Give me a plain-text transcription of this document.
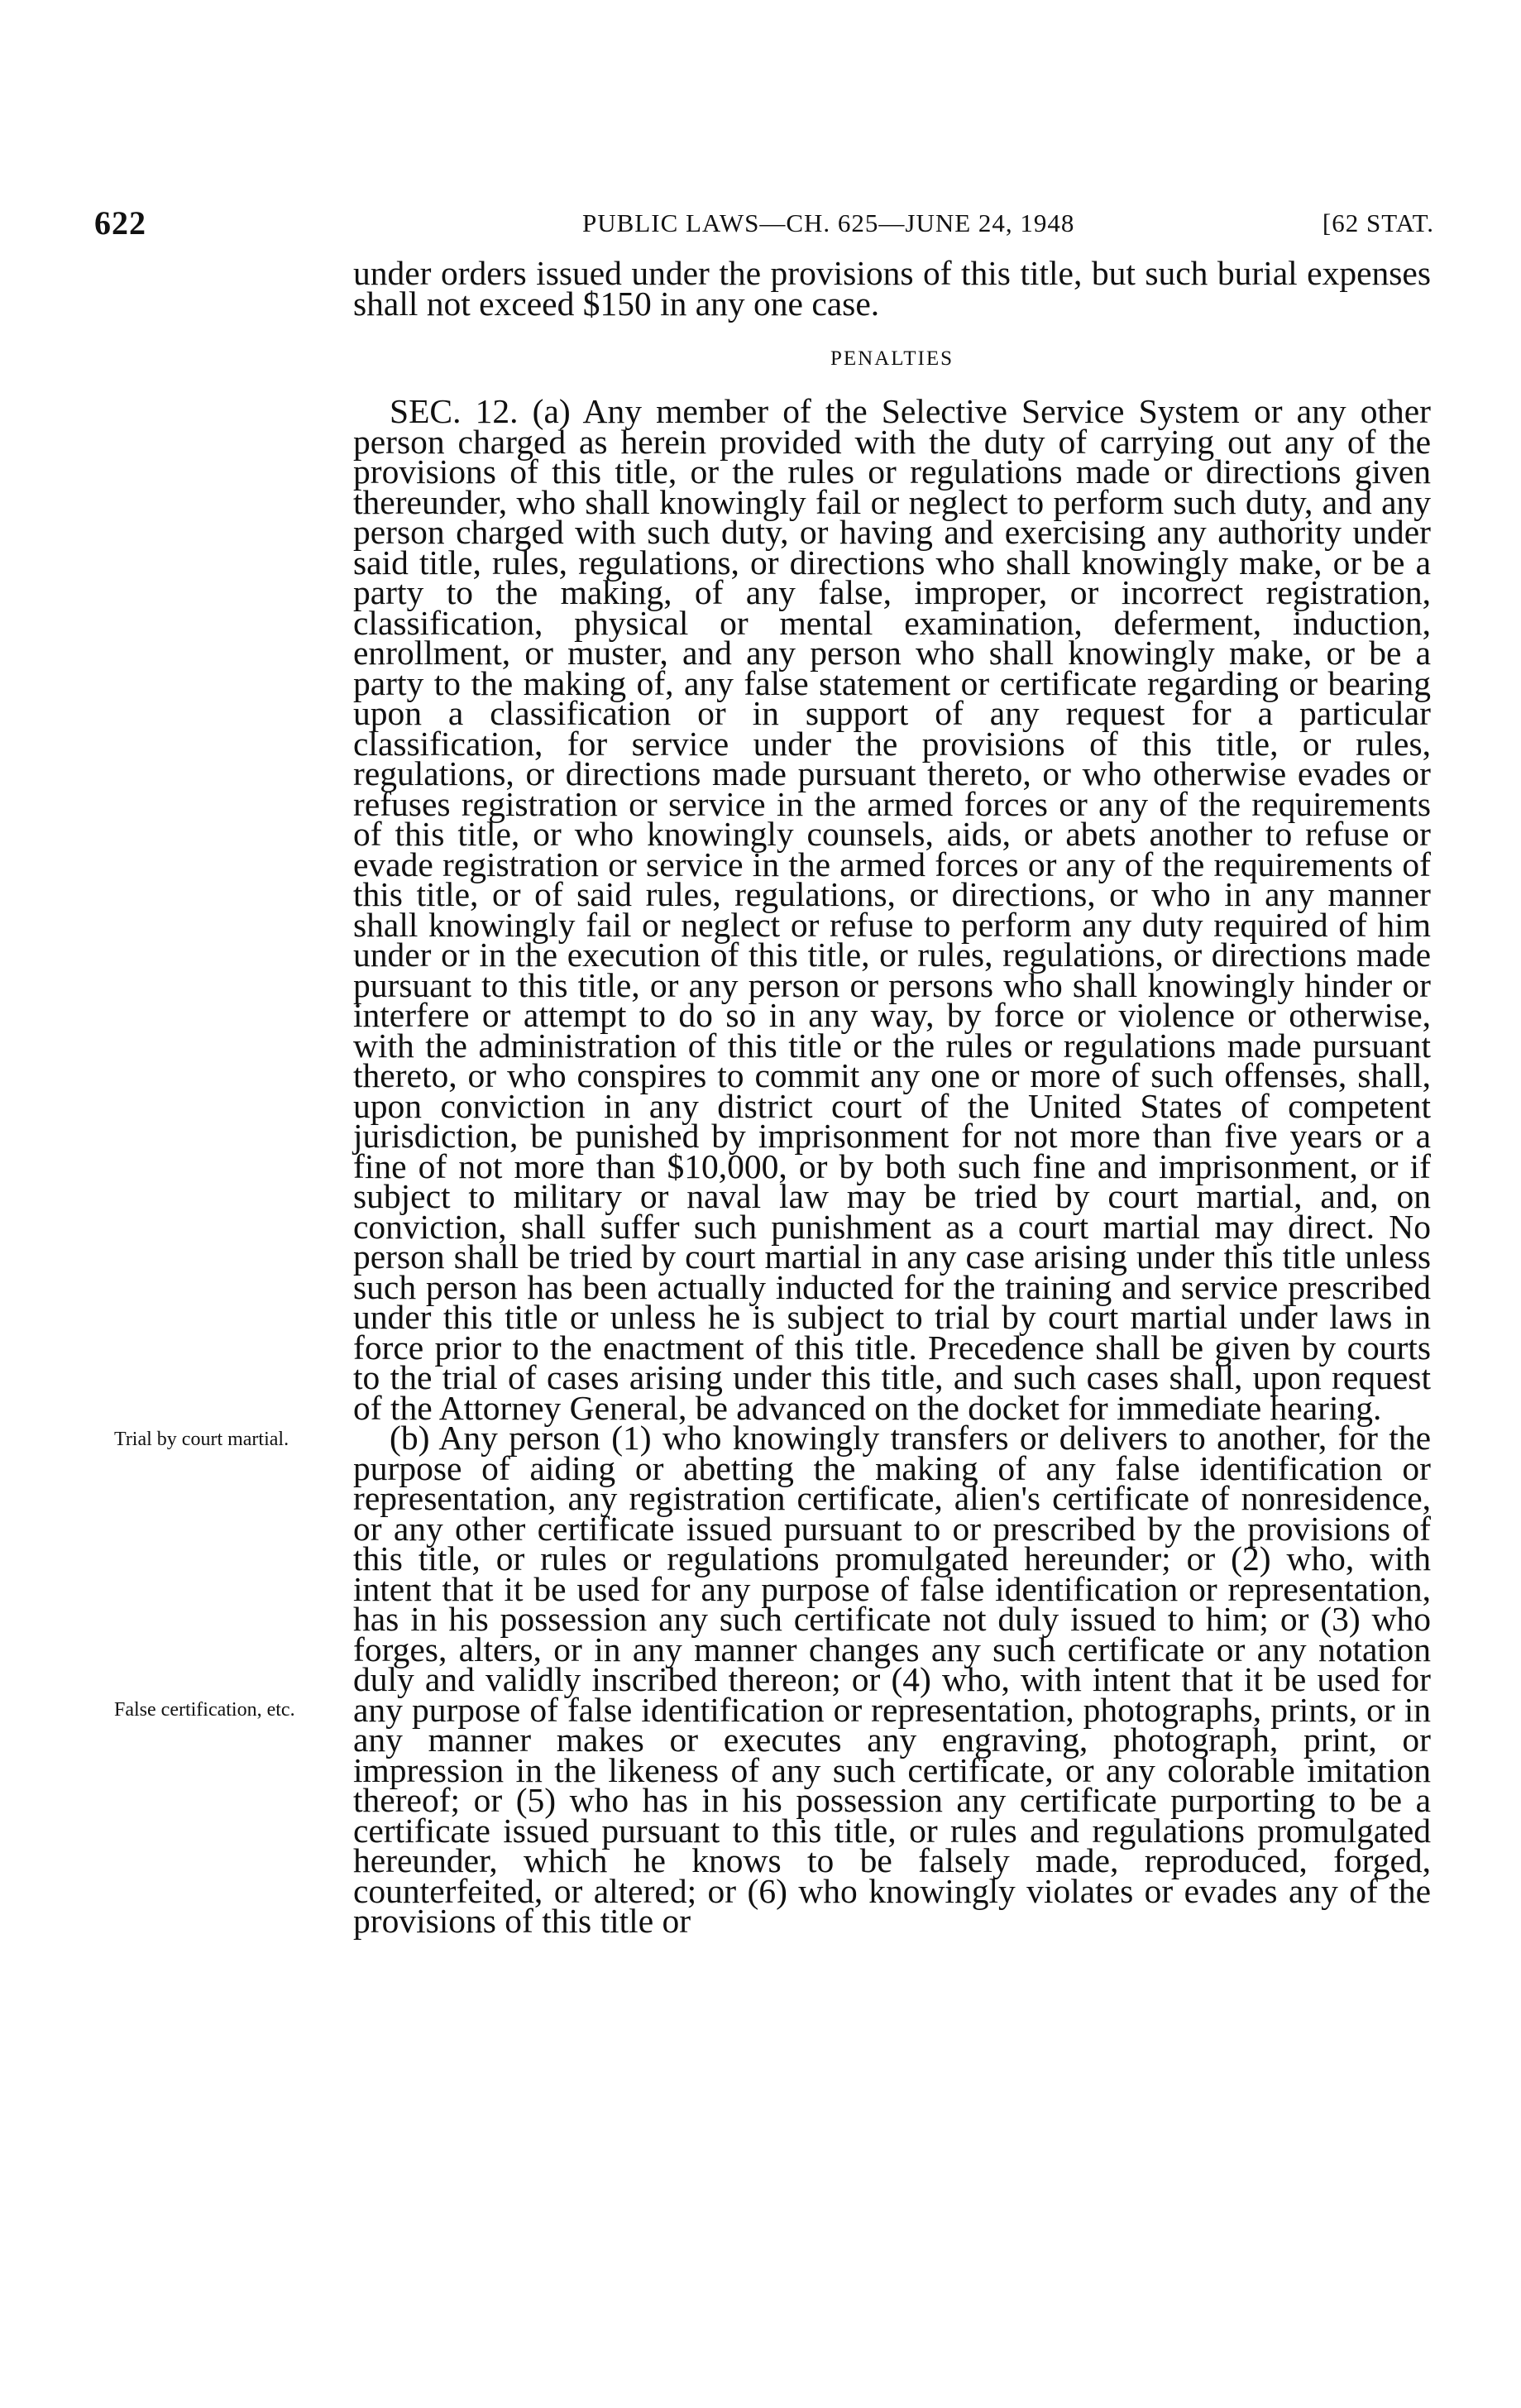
622	PUBLIC LAWS—CH. 625—JUNE 24, 1948	[62 STAT.
Trial by court martial.
False certification, etc.

under orders issued under the provisions of this title, but such burial expenses shall not exceed $150 in any one case.

PENALTIES

SEC. 12. (a) Any member of the Selective Service System or any other person charged as herein provided with the duty of carrying out any of the provisions of this title, or the rules or regulations made or directions given thereunder, who shall knowingly fail or neglect to perform such duty, and any person charged with such duty, or having and exercising any authority under said title, rules, regulations, or directions who shall knowingly make, or be a party to the making, of any false, improper, or incorrect registration, classification, physical or mental examination, deferment, induction, enrollment, or muster, and any person who shall knowingly make, or be a party to the making of, any false statement or certificate regarding or bearing upon a classification or in support of any request for a particular classification, for service under the provisions of this title, or rules, regulations, or directions made pursuant thereto, or who otherwise evades or refuses registration or service in the armed forces or any of the requirements of this title, or who knowingly counsels, aids, or abets another to refuse or evade registration or service in the armed forces or any of the requirements of this title, or of said rules, regulations, or directions, or who in any manner shall knowingly fail or neglect or refuse to perform any duty required of him under or in the execution of this title, or rules, regulations, or directions made pursuant to this title, or any person or persons who shall knowingly hinder or interfere or attempt to do so in any way, by force or violence or otherwise, with the administration of this title or the rules or regulations made pursuant thereto, or who conspires to commit any one or more of such offenses, shall, upon conviction in any district court of the United States of competent jurisdiction, be punished by imprisonment for not more than five years or a fine of not more than $10,000, or by both such fine and imprisonment, or if subject to military or naval law may be tried by court martial, and, on conviction, shall suffer such punishment as a court martial may direct. No person shall be tried by court martial in any case arising under this title unless such person has been actually inducted for the training and service prescribed under this title or unless he is subject to trial by court martial under laws in force prior to the enactment of this title. Precedence shall be given by courts to the trial of cases arising under this title, and such cases shall, upon request of the Attorney General, be advanced on the docket for immediate hearing.

(b) Any person (1) who knowingly transfers or delivers to another, for the purpose of aiding or abetting the making of any false identification or representation, any registration certificate, alien's certificate of nonresidence, or any other certificate issued pursuant to or prescribed by the provisions of this title, or rules or regulations promulgated hereunder; or (2) who, with intent that it be used for any purpose of false identification or representation, has in his possession any such certificate not duly issued to him; or (3) who forges, alters, or in any manner changes any such certificate or any notation duly and validly inscribed thereon; or (4) who, with intent that it be used for any purpose of false identification or representation, photographs, prints, or in any manner makes or executes any engraving, photograph, print, or impression in the likeness of any such certificate, or any colorable imitation thereof; or (5) who has in his possession any certificate purporting to be a certificate issued pursuant to this title, or rules and regulations promulgated hereunder, which he knows to be falsely made, reproduced, forged, counterfeited, or altered; or (6) who knowingly violates or evades any of the provisions of this title or
